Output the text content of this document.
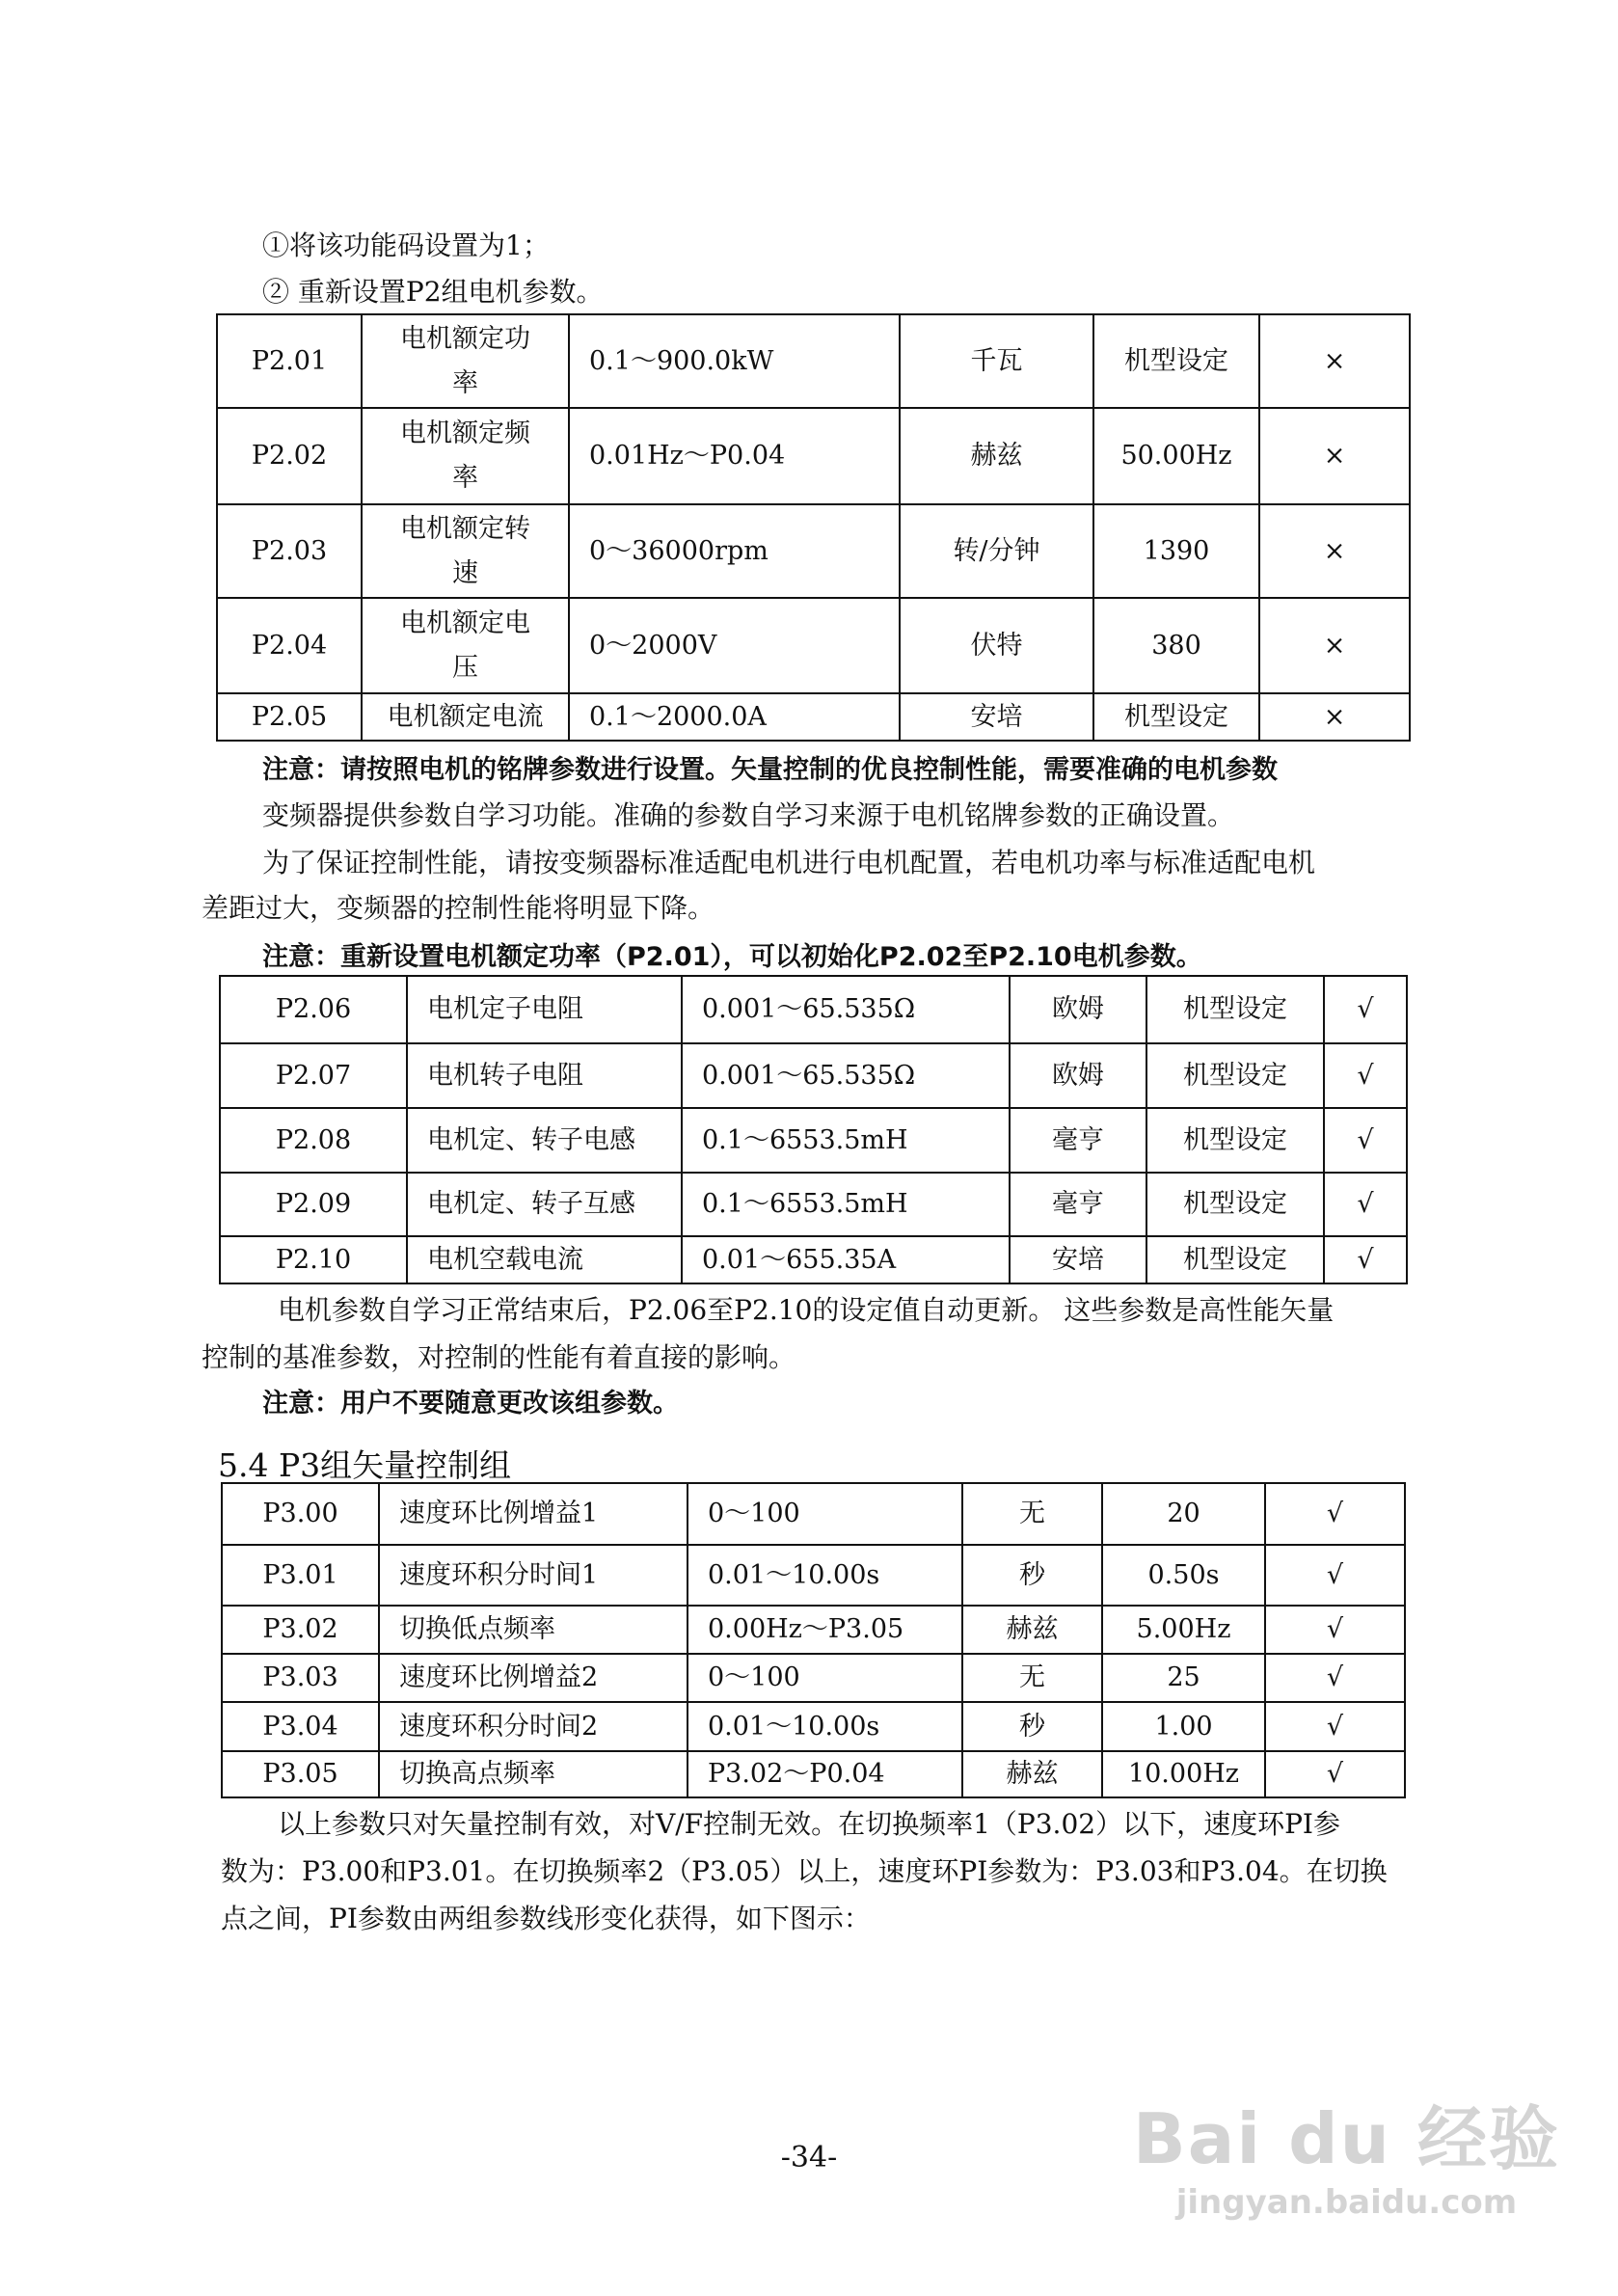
①将该功能码设置为1；
② 重新设置P2组电机参数。
P2.01	电机额定功率	0.1～900.0kW	千瓦	机型设定	×
P2.02	电机额定频率	0.01Hz～P0.04	赫兹	50.00Hz	×
P2.03	电机额定转速	0～36000rpm	转/分钟	1390	×
P2.04	电机额定电压	0～2000V	伏特	380	×
P2.05	电机额定电流	0.1～2000.0A	安培	机型设定	×
注意：请按照电机的铭牌参数进行设置。矢量控制的优良控制性能，需要准确的电机参数
变频器提供参数自学习功能。准确的参数自学习来源于电机铭牌参数的正确设置。
为了保证控制性能，请按变频器标准适配电机进行电机配置，若电机功率与标准适配电机
差距过大，变频器的控制性能将明显下降。
注意：重新设置电机额定功率（P2.01），可以初始化P2.02至P2.10电机参数。
P2.06	电机定子电阻	0.001～65.535Ω	欧姆	机型设定	√
P2.07	电机转子电阻	0.001～65.535Ω	欧姆	机型设定	√
P2.08	电机定、转子电感	0.1～6553.5mH	毫亨	机型设定	√
P2.09	电机定、转子互感	0.1～6553.5mH	毫亨	机型设定	√
P2.10	电机空载电流	0.01～655.35A	安培	机型设定	√
电机参数自学习正常结束后，P2.06至P2.10的设定值自动更新。 这些参数是高性能矢量
控制的基准参数，对控制的性能有着直接的影响。
注意：用户不要随意更改该组参数。
5.4 P3组矢量控制组
P3.00	速度环比例增益1	0～100	无	20	√
P3.01	速度环积分时间1	0.01～10.00s	秒	0.50s	√
P3.02	切换低点频率	0.00Hz～P3.05	赫兹	5.00Hz	√
P3.03	速度环比例增益2	0～100	无	25	√
P3.04	速度环积分时间2	0.01～10.00s	秒	1.00	√
P3.05	切换高点频率	P3.02～P0.04	赫兹	10.00Hz	√
以上参数只对矢量控制有效，对V/F控制无效。在切换频率1（P3.02）以下，速度环PI参
数为：P3.00和P3.01。在切换频率2（P3.05）以上，速度环PI参数为：P3.03和P3.04。在切换
点之间，PI参数由两组参数线形变化获得，如下图示：
-34-	Bai du 经验
jingyan.baidu.com
